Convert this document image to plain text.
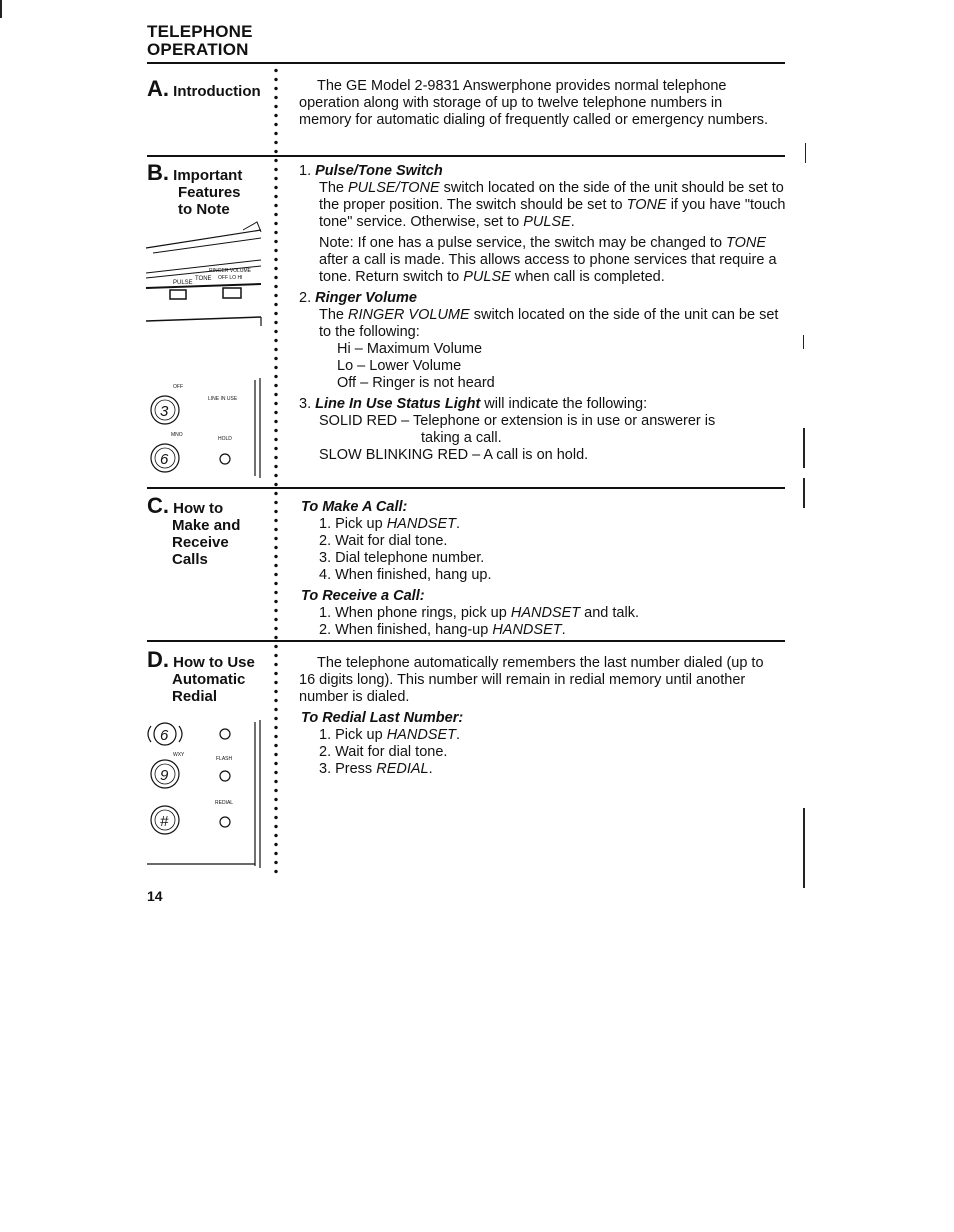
TELEPHONE
OPERATION
A. Introduction	The GE Model 2-9831 Answerphone provides normal telephone operation along with storage of up to twelve telephone numbers in memory for automatic dialing of frequently called or emergency numbers.

B. Important
Features
to Note
PULSE
TONE
RINGER VOLUME
OFF LO HI
OFF
LINE IN USE
3
MNO
HOLD
6

1. Pulse/Tone Switch

The PULSE/TONE switch located on the side of the unit should be set to the proper position. The switch should be set to TONE if you have "touch tone" service. Otherwise, set to PULSE.

Note: If one has a pulse service, the switch may be changed to TONE after a call is made. This allows access to phone services that require a tone. Return switch to PULSE when call is completed.

2. Ringer Volume

The RINGER VOLUME switch located on the side of the unit can be set to the following:

Hi – Maximum Volume

Lo – Lower Volume

Off – Ringer is not heard

3. Line In Use Status Light will indicate the following:

SOLID RED – Telephone or extension is in use or answerer is

taking a call.

SLOW BLINKING RED – A call is on hold.

C. How to
Make and
Receive
Calls

To Make A Call:

1. Pick up HANDSET.

2. Wait for dial tone.

3. Dial telephone number.

4. When finished, hang up.

To Receive a Call:

1. When phone rings, pick up HANDSET and talk.

2. When finished, hang-up HANDSET.

D. How to Use
Automatic
Redial
6
WXY
FLASH
9
REDIAL
#

The telephone automatically remembers the last number dialed (up to 16 digits long). This number will remain in redial memory until another number is dialed.

To Redial Last Number:

1. Pick up HANDSET.

2. Wait for dial tone.

3. Press REDIAL.

14
